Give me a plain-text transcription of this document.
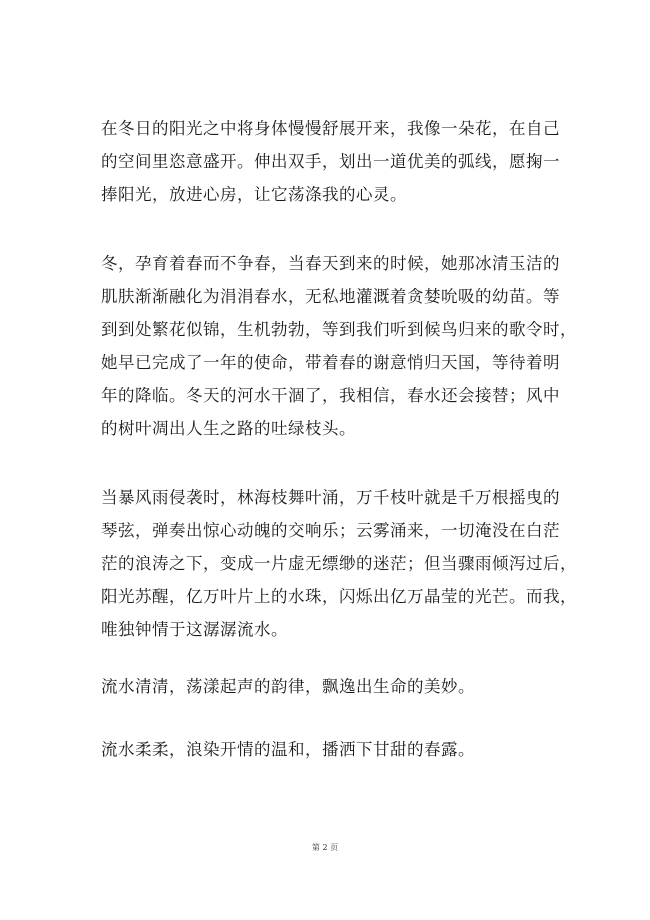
在冬日的阳光之中将身体慢慢舒展开来，我像一朵花，在自己
的空间里恣意盛开。伸出双手，划出一道优美的弧线，愿掬一
捧阳光，放进心房，让它荡涤我的心灵。
冬，孕育着春而不争春，当春天到来的时候，她那冰清玉洁的
肌肤渐渐融化为涓涓春水，无私地灌溉着贪婪吮吸的幼苗。等
到到处繁花似锦，生机勃勃，等到我们听到候鸟归来的歌令时，
她早已完成了一年的使命，带着春的谢意悄归天国，等待着明
年的降临。冬天的河水干涸了，我相信，春水还会接替；风中
的树叶凋出人生之路的吐绿枝头。
当暴风雨侵袭时，林海枝舞叶涌，万千枝叶就是千万根摇曳的
琴弦，弹奏出惊心动魄的交响乐；云雾涌来，一切淹没在白茫
茫的浪涛之下，变成一片虚无缥缈的迷茫；但当骤雨倾泻过后，
阳光苏醒，亿万叶片上的水珠，闪烁出亿万晶莹的光芒。而我，
唯独钟情于这潺潺流水。
流水清清，荡漾起声的韵律，飘逸出生命的美妙。
流水柔柔，浪染开情的温和，播洒下甘甜的春露。
第 2 页
